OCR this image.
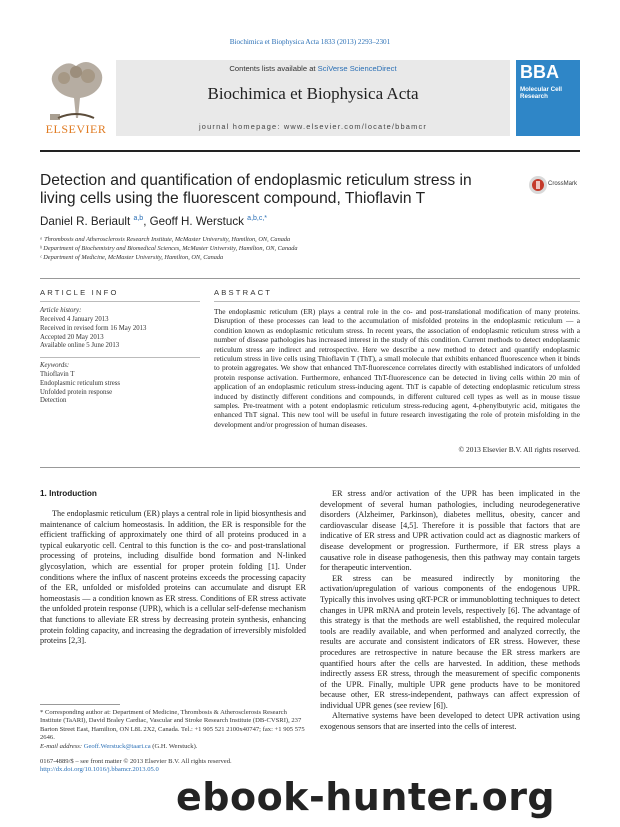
Biochimica et Biophysica Acta 1833 (2013) 2293–2301
ELSEVIER
Contents lists available at SciVerse ScienceDirect
Biochimica et Biophysica Acta
journal homepage: www.elsevier.com/locate/bbamcr
BBA
Molecular Cell Research
Detection and quantification of endoplasmic reticulum stress in living cells using the fluorescent compound, Thioflavin T
CrossMark
Daniel R. Beriault $^{a,b}$, Geoff H. Werstuck $^{a,b,c,*}$
ᵃ Thrombosis and Atherosclerosis Research Institute, McMaster University, Hamilton, ON, Canada
ᵇ Department of Biochemistry and Biomedical Sciences, McMaster University, Hamilton, ON, Canada
ᶜ Department of Medicine, McMaster University, Hamilton, ON, Canada
ARTICLE INFO
Article history:
Received 4 January 2013
Received in revised form 16 May 2013
Accepted 20 May 2013
Available online 5 June 2013
Keywords:
Thioflavin T
Endoplasmic reticulum stress
Unfolded protein response
Detection
ABSTRACT
The endoplasmic reticulum (ER) plays a central role in the co- and post-translational modification of many proteins. Disruption of these processes can lead to the accumulation of misfolded proteins in the endoplasmic reticulum — a condition known as endoplasmic reticulum stress. In recent years, the association of endoplasmic reticulum stress with a number of disease pathologies has increased interest in the study of this condition. Current methods to detect endoplasmic reticulum stress are indirect and retrospective. Here we describe a new method to detect and quantify endoplasmic reticulum stress in live cells using Thioflavin T (ThT), a small molecule that exhibits enhanced fluorescence when it binds to protein aggregates. We show that enhanced ThT-fluorescence correlates directly with established indicators of unfolded protein response activation. Furthermore, enhanced ThT-fluorescence can be detected in living cells within 20 min of application of an endoplasmic reticulum stress-inducing agent. ThT is capable of detecting endoplasmic reticulum stress induced by distinctly different conditions and compounds, in different cultured cell types as well as in mouse tissue samples. Pre-treatment with a potent endoplasmic reticulum stress-reducing agent, 4-phenylbutyric acid, mitigates the enhanced ThT signal. This new tool will be useful in future research investigating the role of protein misfolding in the development and/or progression of human diseases.
© 2013 Elsevier B.V. All rights reserved.
1. Introduction

The endoplasmic reticulum (ER) plays a central role in lipid biosynthesis and maintenance of calcium homeostasis. In addition, the ER is responsible for the efficient trafficking of approximately one third of all proteins produced in a typical eukaryotic cell. Central to this function is the co- and post-translational processing of proteins, including disulfide bond formation and N-linked glycosylation, which are essential for proper protein folding [1]. Under conditions where the influx of nascent proteins exceeds the processing capacity of the ER, unfolded or misfolded proteins can accumulate and disrupt ER homeostasis — a condition known as ER stress. Conditions of ER stress activate the unfolded protein response (UPR), which is a cellular self-defense mechanism that functions to alleviate ER stress by decreasing protein synthesis, enhancing protein folding capacity, and increasing the degradation of irreversibly misfolded proteins [2,3].

ER stress and/or activation of the UPR has been implicated in the development of several human pathologies, including neurodegenerative disorders (Alzheimer, Parkinson), diabetes mellitus, obesity, cancer and cardiovascular disease [4,5]. Therefore it is possible that factors that are indicative of ER stress and UPR activation could act as diagnostic markers of disease development or progression. Furthermore, if ER stress plays a causative role in disease pathogenesis, then this pathway may contain targets for therapeutic intervention.

ER stress can be measured indirectly by monitoring the activation/upregulation of various components of the endogenous UPR. Typically this involves using qRT-PCR or immunoblotting techniques to detect changes in UPR mRNA and protein levels, respectively [6]. The advantage of this strategy is that the methods are well established, the required molecular tools are readily available, and when performed and analyzed correctly, the results are accurate and consistent indicators of ER stress. However, these procedures are retrospective in nature because the ER stress markers are quantified hours after the cells are harvested. In addition, these methods indirectly assess ER stress, through the measurement of specific components of the UPR. Finally, multiple UPR gene products have to be monitored because other, ER stress-independent, pathways can affect expression of individual UPR genes (see review [6]).

Alternative systems have been developed to detect UPR activation using exogenous sensors that are inserted into the cells of interest.

* Corresponding author at: Department of Medicine, Thrombosis & Atherosclerosis Research Institute (TaARI), David Braley Cardiac, Vascular and Stroke Research Institute (DB-CVSRI), 237 Barton Street East, Hamilton, ON L8L 2X2, Canada. Tel.: +1 905 521 2100x40747; fax: +1 905 575 2646.
E-mail address: Geoff.Werstuck@taari.ca (G.H. Werstuck).
0167-4889/$ – see front matter © 2013 Elsevier B.V. All rights reserved.
http://dx.doi.org/10.1016/j.bbamcr.2013.05.0
ebook-hunter.org
